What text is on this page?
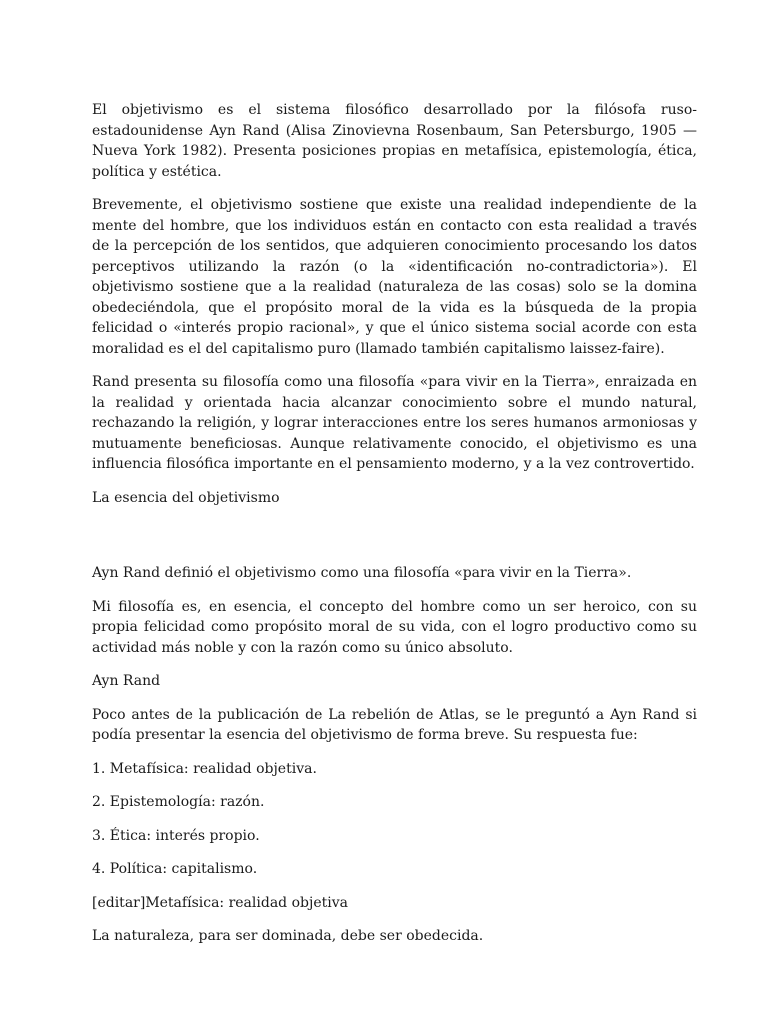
El objetivismo es el sistema filosófico desarrollado por la filósofa ruso-estadounidense Ayn Rand (Alisa Zinovievna Rosenbaum, San Petersburgo, 1905 — Nueva York 1982). Presenta posiciones propias en metafísica, epistemología, ética, política y estética.

Brevemente, el objetivismo sostiene que existe una realidad independiente de la mente del hombre, que los individuos están en contacto con esta realidad a través de la percepción de los sentidos, que adquieren conocimiento procesando los datos perceptivos utilizando la razón (o la «identificación no-contradictoria»). El objetivismo sostiene que a la realidad (naturaleza de las cosas) solo se la domina obedeciéndola, que el propósito moral de la vida es la búsqueda de la propia felicidad o «interés propio racional», y que el único sistema social acorde con esta moralidad es el del capitalismo puro (llamado también capitalismo laissez-faire).

Rand presenta su filosofía como una filosofía «para vivir en la Tierra», enraizada en la realidad y orientada hacia alcanzar conocimiento sobre el mundo natural, rechazando la religión, y lograr interacciones entre los seres humanos armoniosas y mutuamente beneficiosas. Aunque relativamente conocido, el objetivismo es una influencia filosófica importante en el pensamiento moderno, y a la vez controvertido.

La esencia del objetivismo

Ayn Rand definió el objetivismo como una filosofía «para vivir en la Tierra».

Mi filosofía es, en esencia, el concepto del hombre como un ser heroico, con su propia felicidad como propósito moral de su vida, con el logro productivo como su actividad más noble y con la razón como su único absoluto.

Ayn Rand

Poco antes de la publicación de La rebelión de Atlas, se le preguntó a Ayn Rand si podía presentar la esencia del objetivismo de forma breve. Su respuesta fue:

1. Metafísica: realidad objetiva.

2. Epistemología: razón.

3. Ética: interés propio.

4. Política: capitalismo.

[editar]Metafísica: realidad objetiva

La naturaleza, para ser dominada, debe ser obedecida.
